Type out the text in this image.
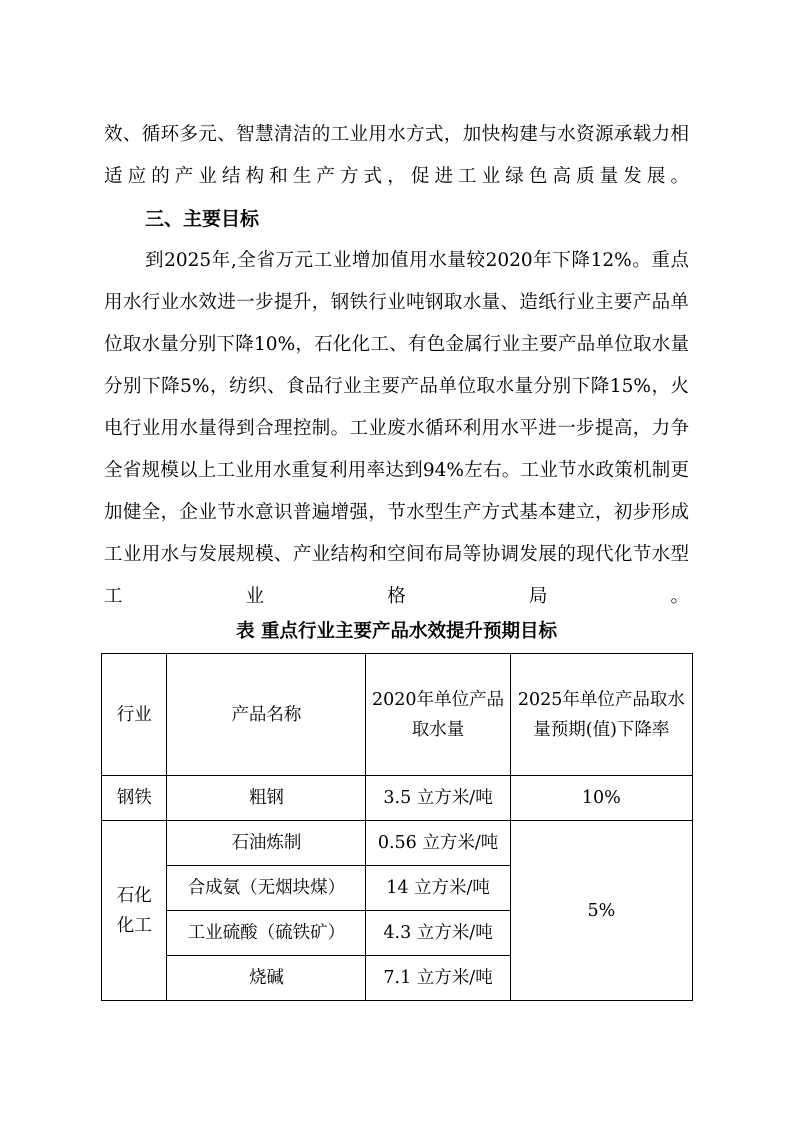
效、循环多元、智慧清洁的工业用水方式，加快构建与水资源承载力相适应的产业结构和生产方式，促进工业绿色高质量发展。

三、主要目标

到2025年,全省万元工业增加值用水量较2020年下降12%。重点用水行业水效进一步提升，钢铁行业吨钢取水量、造纸行业主要产品单位取水量分别下降10%，石化化工、有色金属行业主要产品单位取水量分别下降5%，纺织、食品行业主要产品单位取水量分别下降15%，火电行业用水量得到合理控制。工业废水循环利用水平进一步提高，力争全省规模以上工业用水重复利用率达到94%左右。工业节水政策机制更加健全，企业节水意识普遍增强，节水型生产方式基本建立，初步形成工业用水与发展规模、产业结构和空间布局等协调发展的现代化节水型工业格局。

表 重点行业主要产品水效提升预期目标

行业	产品名称	2020年单位产品取水量	2025年单位产品取水量预期(值)下降率
钢铁	粗钢	3.5 立方米/吨	10%
石化化工	石油炼制	0.56 立方米/吨	5%
	合成氨（无烟块煤）	14 立方米/吨	
	工业硫酸（硫铁矿）	4.3 立方米/吨	
	烧碱	7.1 立方米/吨	
